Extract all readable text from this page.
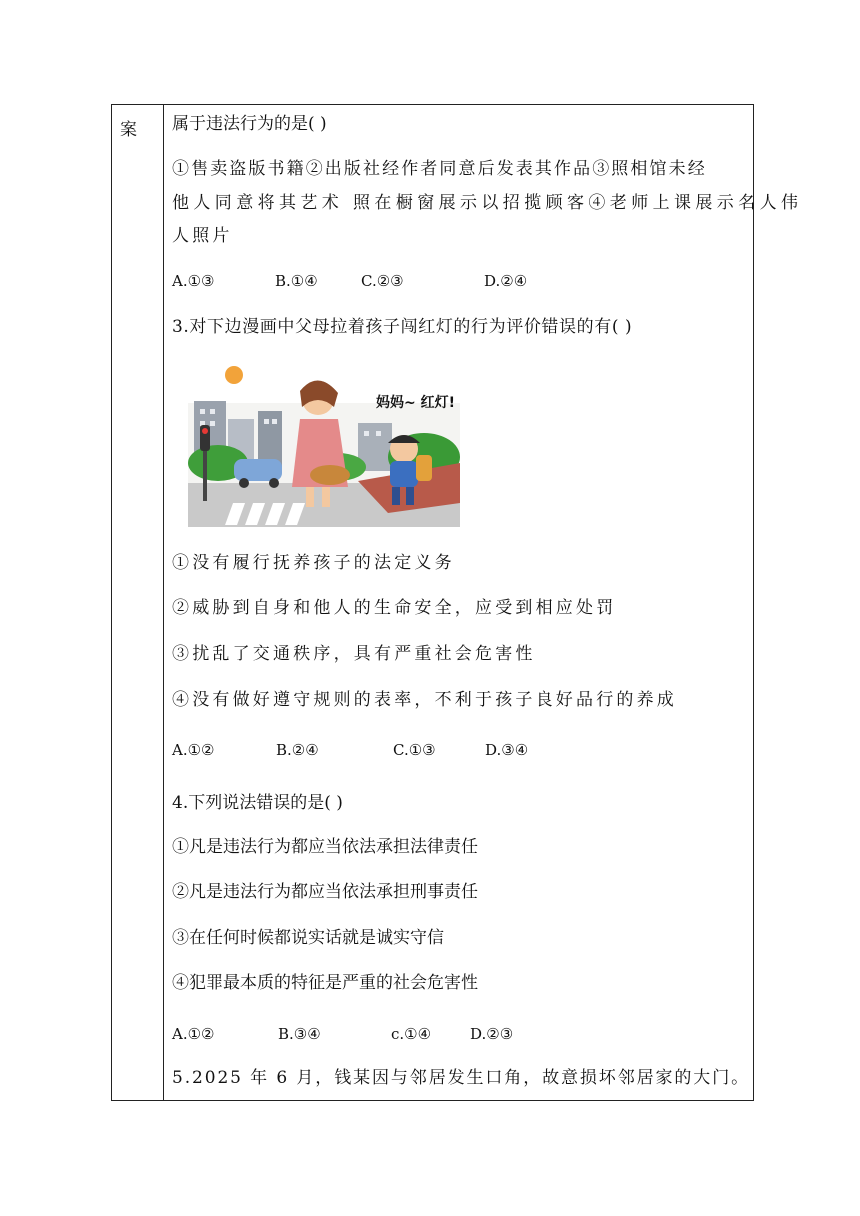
案 属于违法行为的是( )
①售卖盗版书籍②出版社经作者同意后发表其作品③照相馆未经
他人同意将其艺术 照在橱窗展示以招揽顾客④老师上课展示名人伟
人照片
A.①③	B.①④	C.②③	D.②④
3.对下边漫画中父母拉着孩子闯红灯的行为评价错误的有( )
妈妈~ 红灯!
①没有履行抚养孩子的法定义务
②威胁到自身和他人的生命安全，应受到相应处罚
③扰乱了交通秩序，具有严重社会危害性
④没有做好遵守规则的表率，不利于孩子良好品行的养成
A.①②	B.②④	C.①③	D.③④
4.下列说法错误的是( )
①凡是违法行为都应当依法承担法律责任
②凡是违法行为都应当依法承担刑事责任
③在任何时候都说实话就是诚实守信
④犯罪最本质的特征是严重的社会危害性
A.①②	B.③④	c.①④	D.②③
5.2025 年 6 月，钱某因与邻居发生口角，故意损坏邻居家的大门。
